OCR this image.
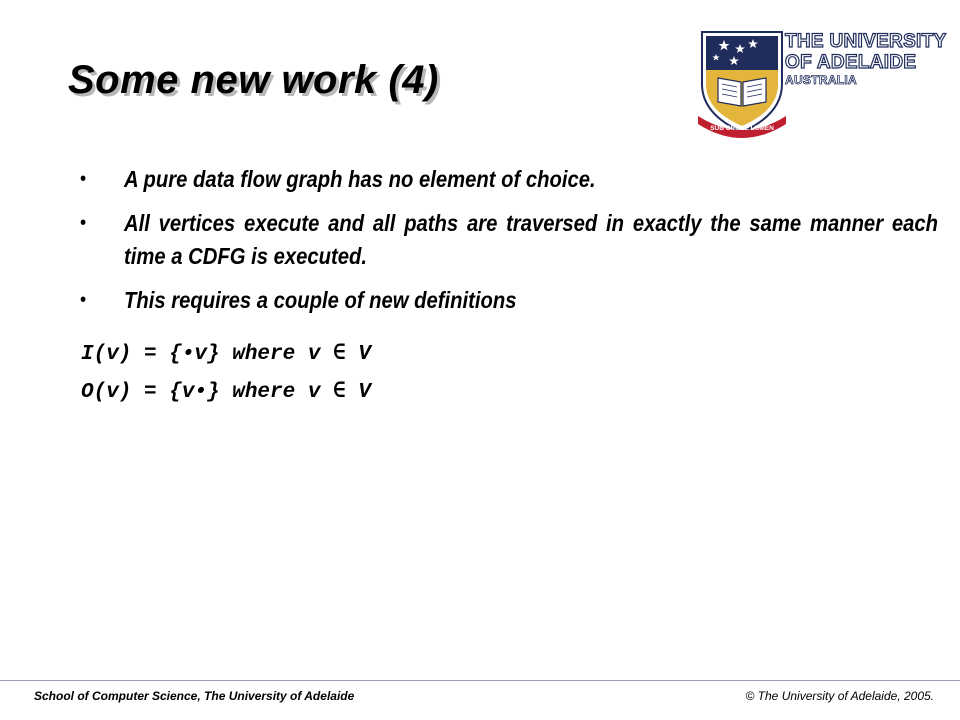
Some new work (4)
SUB CRUCE LUMEN
THE UNIVERSITY
OF ADELAIDE
AUSTRALIA
• A pure data flow graph has no element of choice.
• All vertices execute and all paths are traversed in exactly the same manner each time a CDFG is executed.
• This requires a couple of new definitions
I(v) = {•v} where v ∈ V
O(v) = {v•} where v ∈ V
School of Computer Science, The University of Adelaide	© The University of Adelaide, 2005.
